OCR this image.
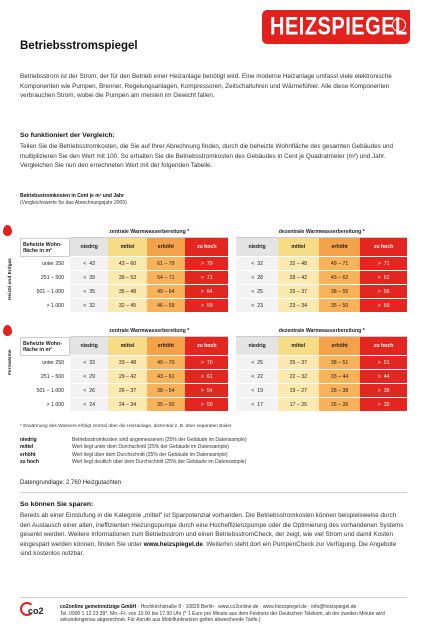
HEIZSPIEGEL
Betriebsstromspiegel
Betriebsstrom ist der Strom, der für den Betrieb einer Heizanlage benötigt wird. Eine moderne Heizanlage umfasst viele elektronische Komponenten wie Pumpen, Brenner, Regelungsanlagen, Kompressoren, Zeitschaltuhren und Wärmefühler. Alle diese Komponenten verbrauchen Strom, wobei die Pumpen am meisten im Gewicht fallen.
So funktioniert der Vergleich:
Teilen Sie die Betriebsstromkosten, die Sie auf Ihrer Abrechnung finden, durch die beheizte Wohnfläche des gesamten Gebäudes und multiplizieren Sie den Wert mit 100. So erhalten Sie die Betriebsstromkosten des Gebäudes in Cent je Quadratmeter (m²) und Jahr. Vergleichen Sie nun den errechneten Wert mit der folgenden Tabelle.
Betriebsstromkosten in Cent je m² und Jahr
(Vergleichswerte für das Abrechnungsjahr 2009)
Heizöl und Erdgas
Fernwärme
	zentrale Warmwasserbereitung *					dezentrale Warmwasserbereitung *			
Beheizte Wohn-fläche in m²	niedrig	mittel	erhöht	zu hoch		niedrig	mittel	erhöht	zu hoch
unter 250	< 43	43 – 60	61 – 79	> 79		< 32	32 – 48	49 – 71	> 71
251 – 500	< 39	39 – 53	54 – 71	> 71		< 28	28 – 42	43 – 62	> 62
501 – 1.000	< 35	35 – 48	49 – 64	> 64		< 25	25 – 37	38 – 55	> 56
> 1.000	< 32	32 – 45	46 – 59	> 59		< 23	23 – 34	35 – 50	> 50
	zentrale Warmwasserbereitung *					dezentrale Warmwasserbereitung *			
Beheizte Wohn-fläche in m²	niedrig	mittel	erhöht	zu hoch		niedrig	mittel	erhöht	zu hoch
unter 250	< 33	33 – 48	49 – 70	> 70		< 25	25 – 37	38 – 51	> 51
251 – 500	< 29	29 – 42	43 – 61	> 61		< 22	22 – 32	33 – 44	> 44
501 – 1.000	< 26	26 – 37	38 – 54	> 54		< 19	19 – 27	28 – 38	> 38
> 1.000	< 24	24 – 34	35 – 50	> 50		< 17	17 – 25	26 – 35	> 35
* Erwärmung des Wassers erfolgt zentral über die Heizanlage, dezentral z. B. über separaten Boiler
niedrig	Betriebsstromkosten sind angemessenen (25% der Gebäude im Datensample)
mittel	Wert liegt unter dem Durchschnitt (25% der Gebäude im Datensample)
erhöht	Wert liegt über dem Durchschnitt (25% der Gebäude im Datensample)
zu hoch	Wert liegt deutlich über dem Durchschnitt (25% der Gebäude im Datensample)
Datengrundlage: 2.760 Heizgutachten
So können Sie sparen:
Bereits ab einer Einstufung in die Kategorie „mittel“ ist Sparpotenzial vorhanden. Die Betriebsstromkosten können beispielsweise durch den Austausch einer alten, ineffizienten Heizungspumpe durch eine Hocheffizienzpumpe oder die Optimierung des vorhandenen Systems gesenkt werden. Weitere Informationen zum Betriebsstrom und einen BetriebsstromCheck, der zeigt, wie viel Strom und damit Kosten eingespart werden können, finden Sie unter www.heizspiegel.de. Weiterhin steht dort ein PumpenCheck zur Verfügung. Die Angebote sind kostenlos nutzbar.
co2	co2online gemeinnützige GmbH · Hochkirchstraße 9 · 10829 Berlin · www.co2online.de · www.heizspiegel.de · info@heizspiegel.de
Tel. 0900 1 12 23 39*, Mo.–Fr. von 10.00 bis 17.00 Uhr (* 1 Euro pro Minute aus dem Festnetz der Deutschen Telekom, ab der zweiten Minute wird sekundengenau abgerechnet. Für Anrufe aus Mobilfunknetzen gelten abweichende Tarife.)
